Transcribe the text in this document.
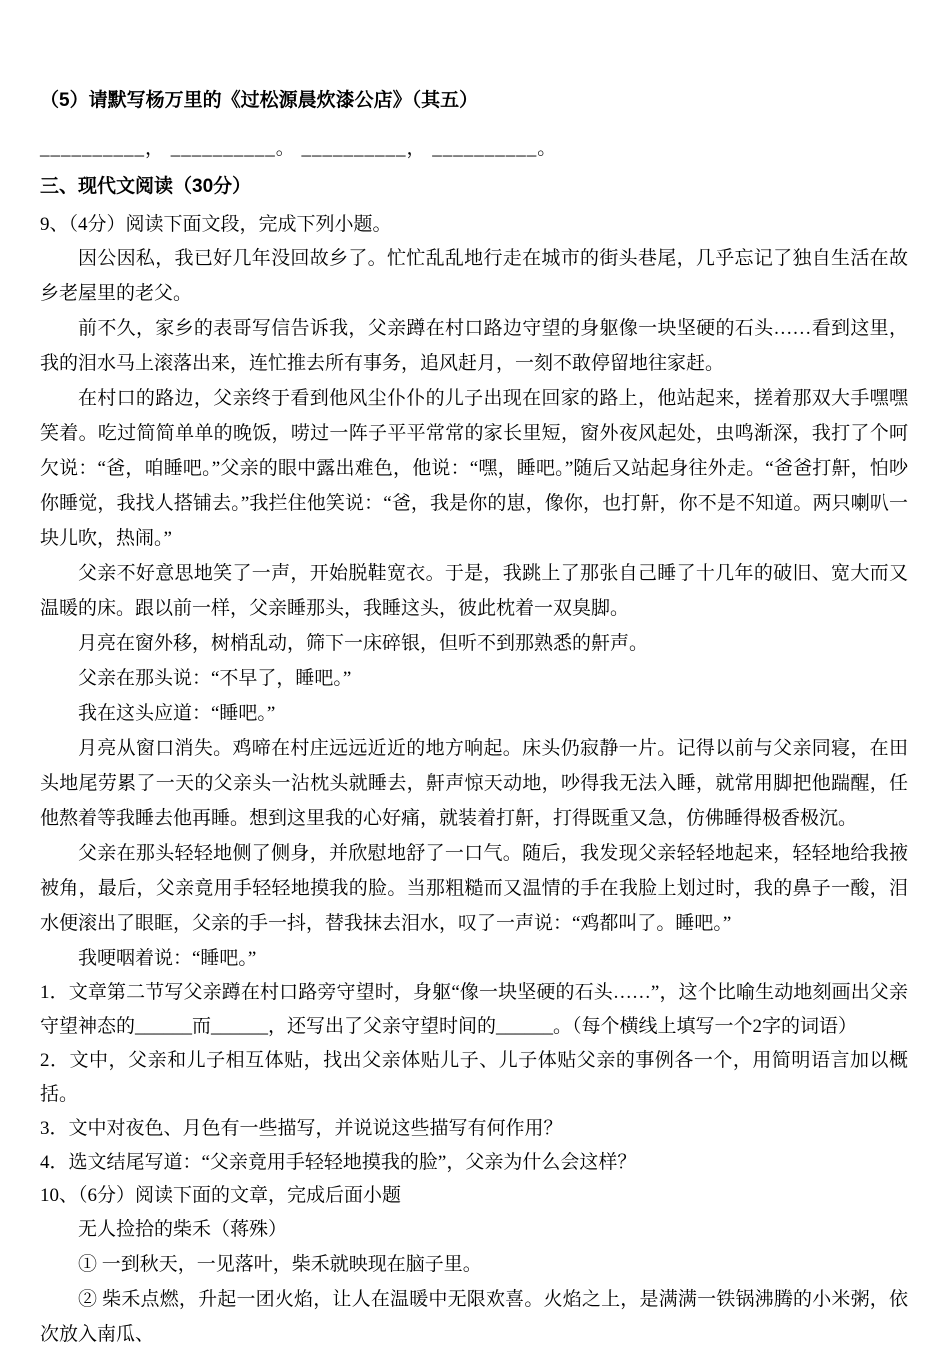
（5）请默写杨万里的《过松源晨炊漆公店》（其五）
__________， __________。 __________， __________。
三、现代文阅读（30分）
9、（4分）阅读下面文段，完成下列小题。

因公因私，我已好几年没回故乡了。忙忙乱乱地行走在城市的街头巷尾，几乎忘记了独自生活在故乡老屋里的老父。

前不久，家乡的表哥写信告诉我，父亲蹲在村口路边守望的身躯像一块坚硬的石头……看到这里，我的泪水马上滚落出来，连忙推去所有事务，追风赶月，一刻不敢停留地往家赶。

在村口的路边，父亲终于看到他风尘仆仆的儿子出现在回家的路上，他站起来，搓着那双大手嘿嘿笑着。吃过简简单单的晚饭，唠过一阵子平平常常的家长里短，窗外夜风起处，虫鸣渐深，我打了个呵欠说：“爸，咱睡吧。”父亲的眼中露出难色，他说：“嘿，睡吧。”随后又站起身往外走。“爸爸打鼾，怕吵你睡觉，我找人搭铺去。”我拦住他笑说：“爸，我是你的崽，像你，也打鼾，你不是不知道。两只喇叭一块儿吹，热闹。”

父亲不好意思地笑了一声，开始脱鞋宽衣。于是，我跳上了那张自己睡了十几年的破旧、宽大而又温暖的床。跟以前一样，父亲睡那头，我睡这头，彼此枕着一双臭脚。

月亮在窗外移，树梢乱动，筛下一床碎银，但听不到那熟悉的鼾声。

父亲在那头说：“不早了，睡吧。”

我在这头应道：“睡吧。”

月亮从窗口消失。鸡啼在村庄远远近近的地方响起。床头仍寂静一片。记得以前与父亲同寝，在田头地尾劳累了一天的父亲头一沾枕头就睡去，鼾声惊天动地，吵得我无法入睡，就常用脚把他踹醒，任他熬着等我睡去他再睡。想到这里我的心好痛，就装着打鼾，打得既重又急，仿佛睡得极香极沉。

父亲在那头轻轻地侧了侧身，并欣慰地舒了一口气。随后，我发现父亲轻轻地起来，轻轻地给我掖被角，最后，父亲竟用手轻轻地摸我的脸。当那粗糙而又温情的手在我脸上划过时，我的鼻子一酸，泪水便滚出了眼眶，父亲的手一抖，替我抹去泪水，叹了一声说：“鸡都叫了。睡吧。”

我哽咽着说：“睡吧。”

1．文章第二节写父亲蹲在村口路旁守望时，身躯“像一块坚硬的石头……”，这个比喻生动地刻画出父亲守望神态的______而______，还写出了父亲守望时间的______。（每个横线上填写一个2字的词语）

2．文中，父亲和儿子相互体贴，找出父亲体贴儿子、儿子体贴父亲的事例各一个，用简明语言加以概括。

3．文中对夜色、月色有一些描写，并说说这些描写有何作用？

4．选文结尾写道：“父亲竟用手轻轻地摸我的脸”，父亲为什么会这样？

10、（6分）阅读下面的文章，完成后面小题

无人捡拾的柴禾（蒋殊）

① 一到秋天，一见落叶，柴禾就映现在脑子里。

② 柴禾点燃，升起一团火焰，让人在温暖中无限欢喜。火焰之上，是满满一铁锅沸腾的小米粥，依次放入南瓜、
